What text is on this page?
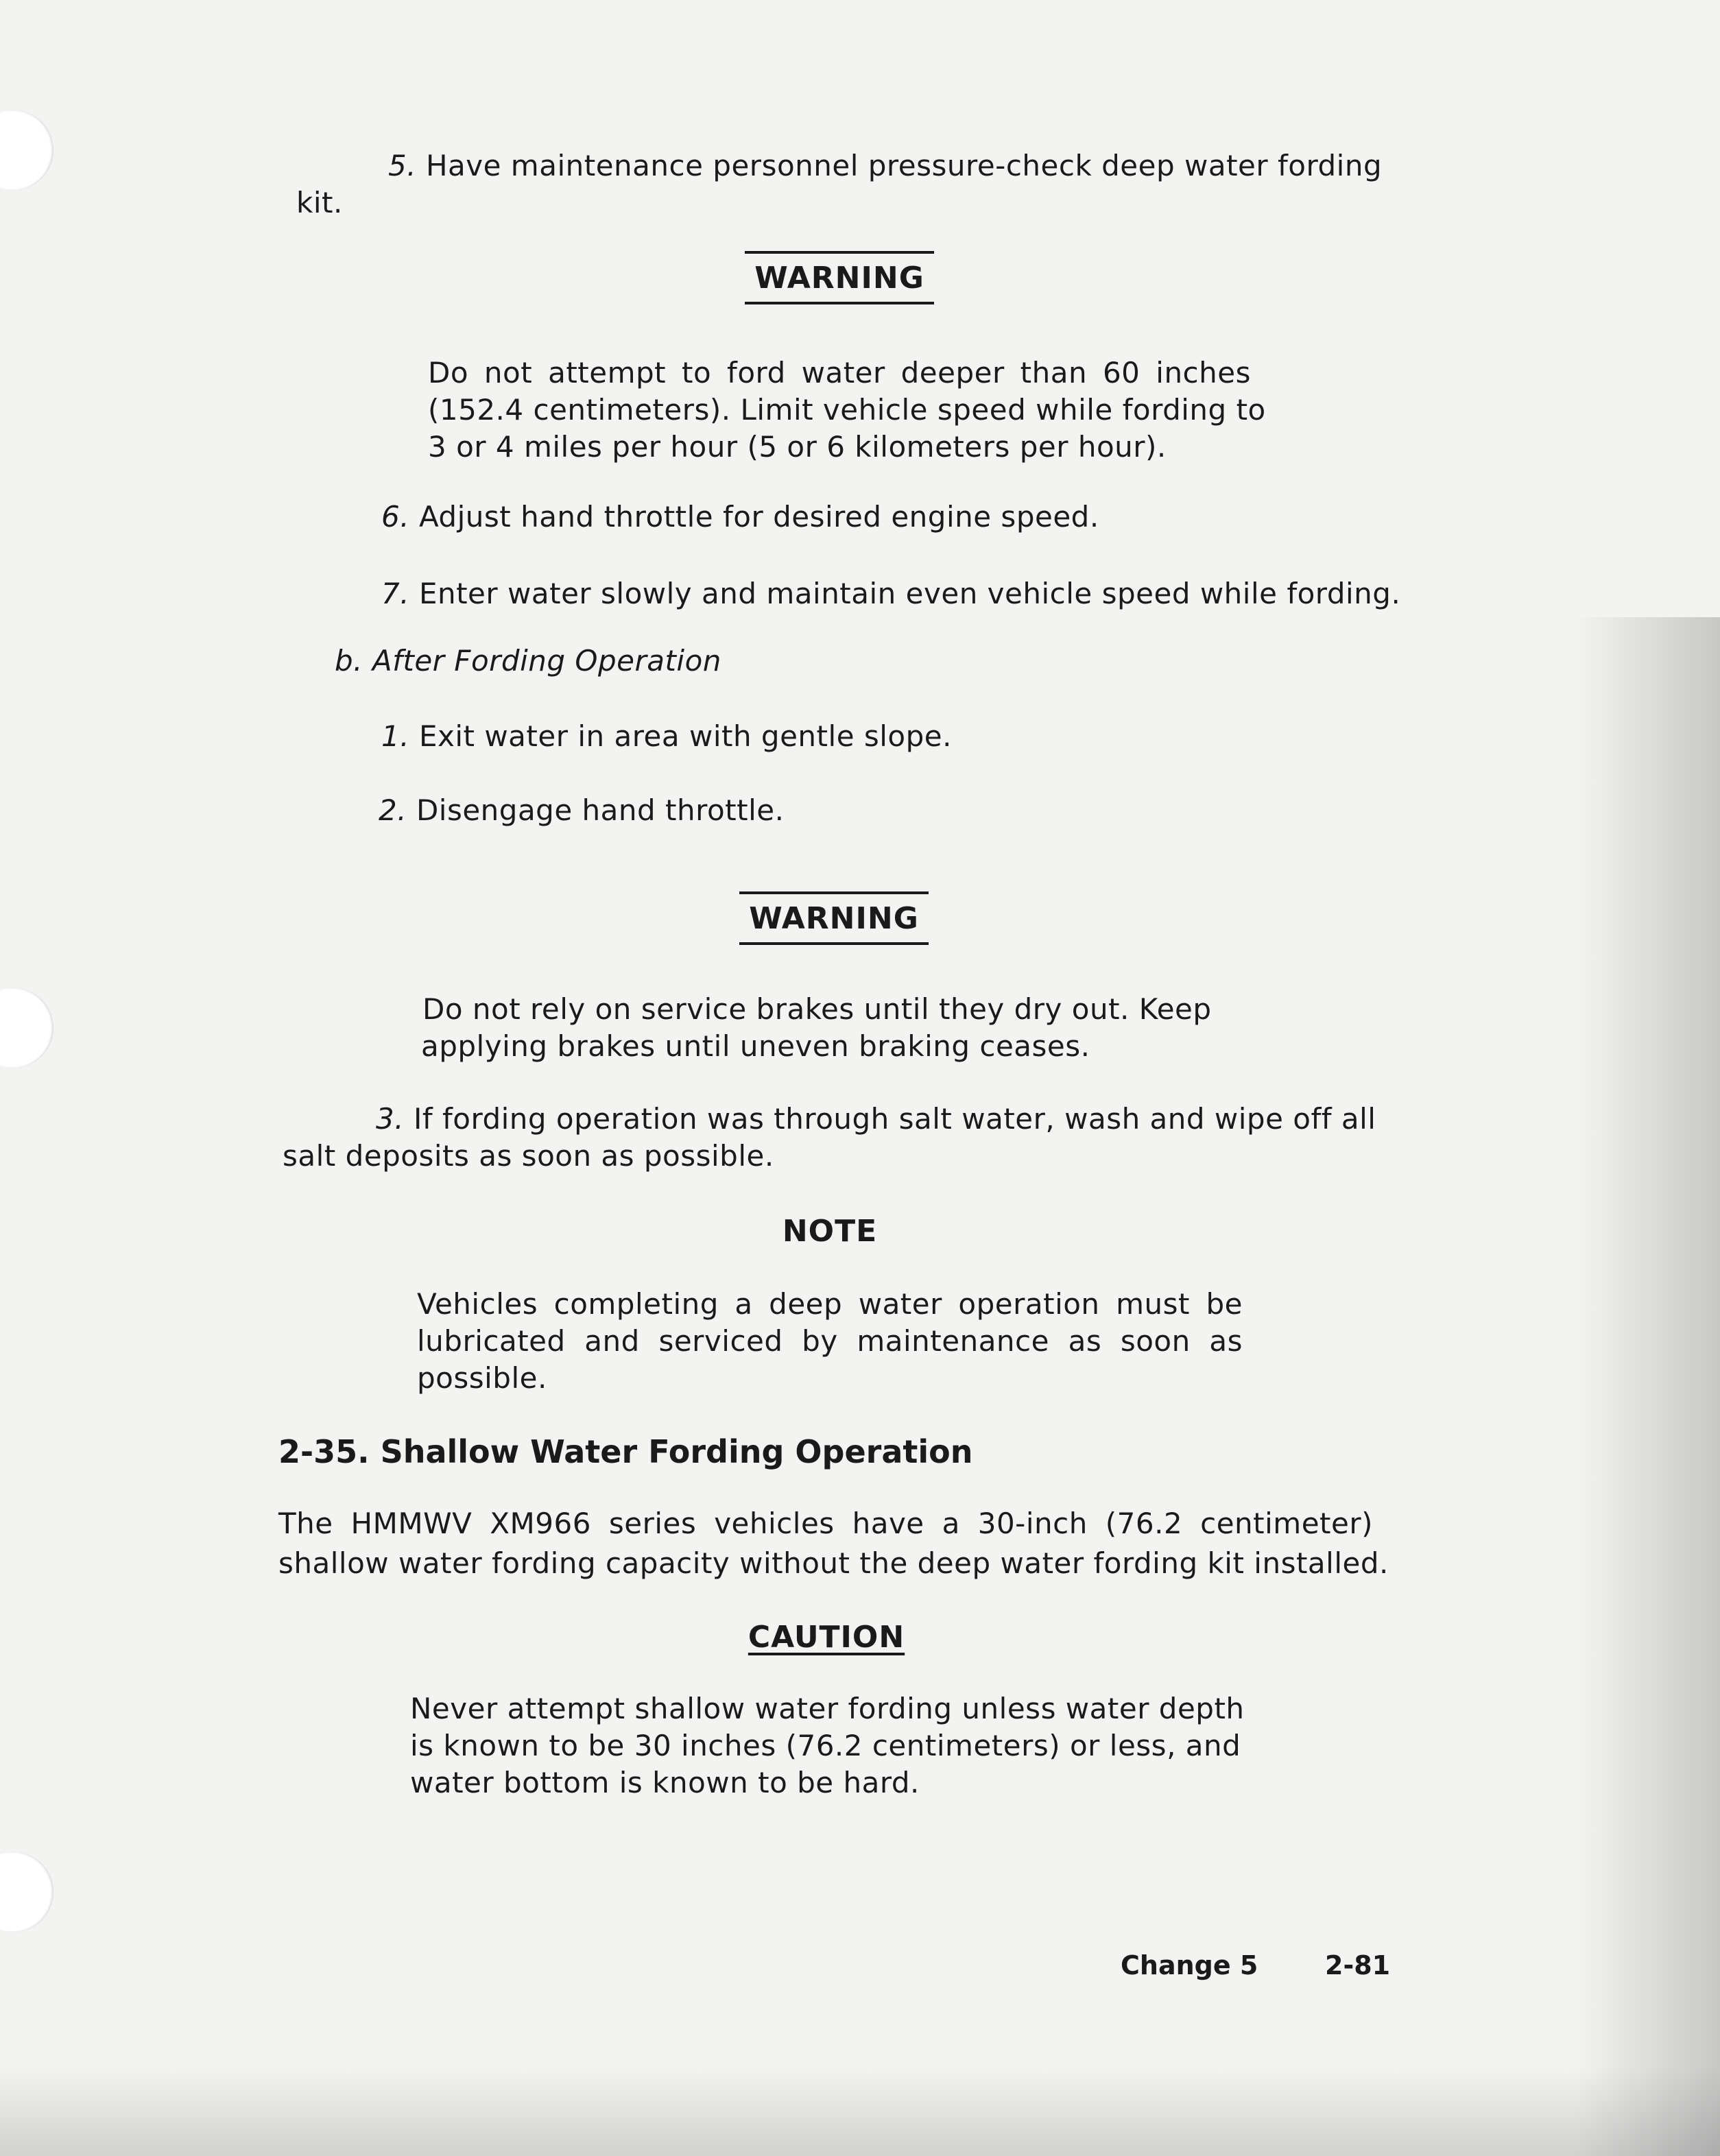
5. Have maintenance personnel pressure-check deep water fording
kit.
WARNING
Do not attempt to ford water deeper than 60 inches
(152.4 centimeters). Limit vehicle speed while fording to
3 or 4 miles per hour (5 or 6 kilometers per hour).
6. Adjust hand throttle for desired engine speed.
7. Enter water slowly and maintain even vehicle speed while fording.
b. After Fording Operation
1. Exit water in area with gentle slope.
2. Disengage hand throttle.
WARNING
Do not rely on service brakes until they dry out. Keep
applying brakes until uneven braking ceases.
3. If fording operation was through salt water, wash and wipe off all
salt deposits as soon as possible.
NOTE
Vehicles completing a deep water operation must be
lubricated and serviced by maintenance as soon as
possible.
2-35. Shallow Water Fording Operation
The HMMWV XM966 series vehicles have a 30-inch (76.2 centimeter)
shallow water fording capacity without the deep water fording kit installed.
CAUTION
Never attempt shallow water fording unless water depth
is known to be 30 inches (76.2 centimeters) or less, and
water bottom is known to be hard.
Change 5	2-81
